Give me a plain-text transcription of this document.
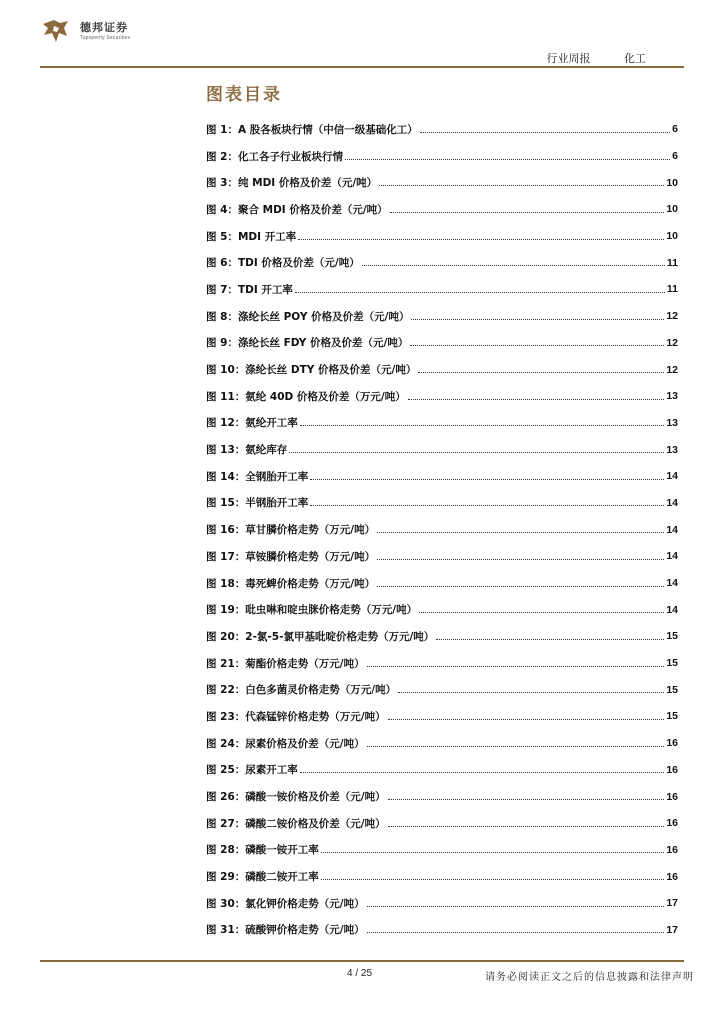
德邦证券
Topsperity Securities
行业周报	化工
图表目录
图 1：A 股各板块行情（中信一级基础化工）	6
图 2：化工各子行业板块行情	6
图 3：纯 MDI 价格及价差（元/吨）	10
图 4：聚合 MDI 价格及价差（元/吨）	10
图 5：MDI 开工率	10
图 6：TDI 价格及价差（元/吨）	11
图 7：TDI 开工率	11
图 8：涤纶长丝 POY 价格及价差（元/吨）	12
图 9：涤纶长丝 FDY 价格及价差（元/吨）	12
图 10：涤纶长丝 DTY 价格及价差（元/吨）	12
图 11：氨纶 40D 价格及价差（万元/吨）	13
图 12：氨纶开工率	13
图 13：氨纶库存	13
图 14：全钢胎开工率	14
图 15：半钢胎开工率	14
图 16：草甘膦价格走势（万元/吨）	14
图 17：草铵膦价格走势（万元/吨）	14
图 18：毒死蜱价格走势（万元/吨）	14
图 19：吡虫啉和啶虫脒价格走势（万元/吨）	14
图 20：2-氯-5-氯甲基吡啶价格走势（万元/吨）	15
图 21：菊酯价格走势（万元/吨）	15
图 22：白色多菌灵价格走势（万元/吨）	15
图 23：代森锰锌价格走势（万元/吨）	15
图 24：尿素价格及价差（元/吨）	16
图 25：尿素开工率	16
图 26：磷酸一铵价格及价差（元/吨）	16
图 27：磷酸二铵价格及价差（元/吨）	16
图 28：磷酸一铵开工率	16
图 29：磷酸二铵开工率	16
图 30：氯化钾价格走势（元/吨）	17
图 31：硫酸钾价格走势（元/吨）	17
4 / 25	请务必阅读正文之后的信息披露和法律声明
